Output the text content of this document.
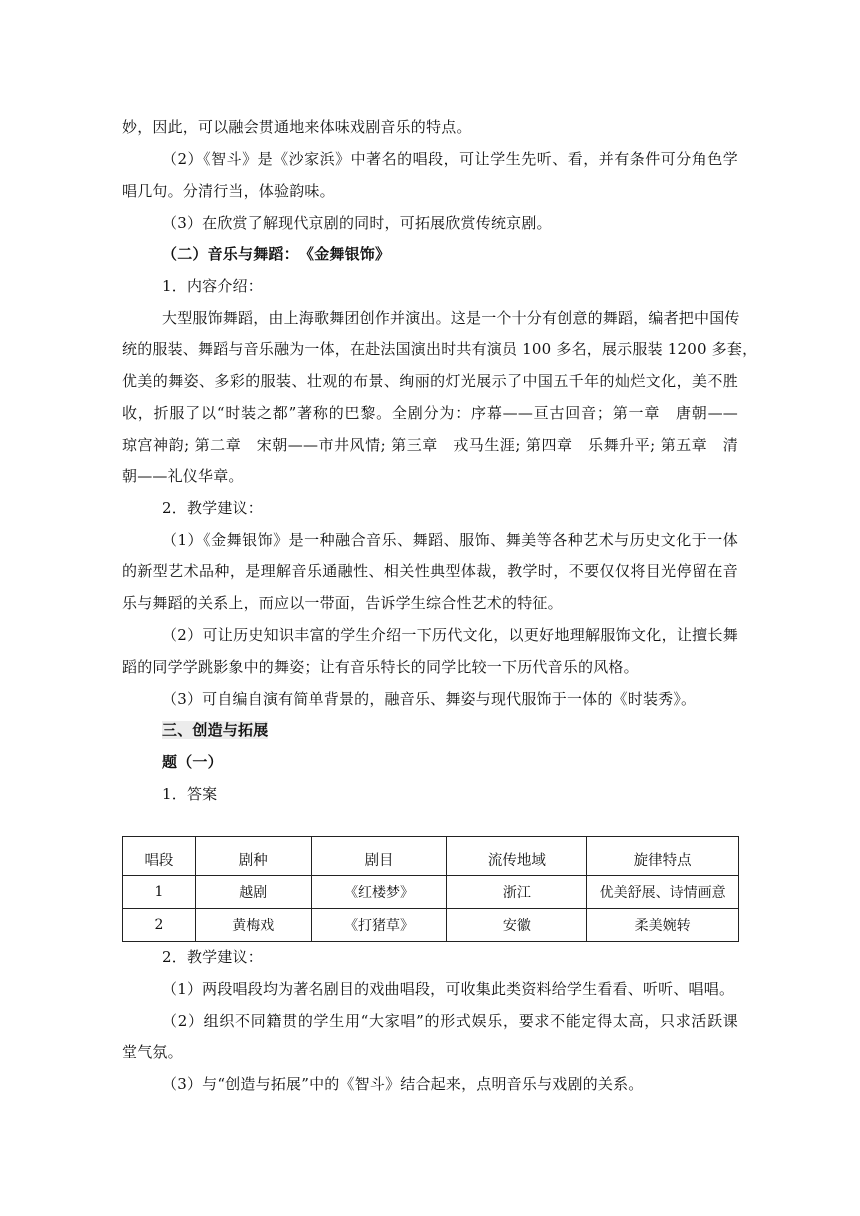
妙，因此，可以融会贯通地来体味戏剧音乐的特点。
（2）《智斗》是《沙家浜》中著名的唱段，可让学生先听、看，并有条件可分角色学
唱几句。分清行当，体验韵味。
（3）在欣赏了解现代京剧的同时，可拓展欣赏传统京剧。
（二）音乐与舞蹈：　《金舞银饰》
1．内容介绍：
大型服饰舞蹈，由上海歌舞团创作并演出。这是一个十分有创意的舞蹈，编者把中国传
统的服装、舞蹈与音乐融为一体，在赴法国演出时共有演员 100 多名，展示服装 1200 多套，
优美的舞姿、多彩的服装、壮观的布景、绚丽的灯光展示了中国五千年的灿烂文化，美不胜
收，折服了以“时装之都”著称的巴黎。全剧分为：序幕——亘古回音；第一章　唐朝——
琼宫神韵; 第二章　宋朝——市井风情; 第三章　戎马生涯; 第四章　乐舞升平; 第五章　清
朝——礼仪华章。
2．教学建议：
（1）《金舞银饰》是一种融合音乐、舞蹈、服饰、舞美等各种艺术与历史文化于一体
的新型艺术品种，是理解音乐通融性、相关性典型体裁，教学时，不要仅仅将目光停留在音
乐与舞蹈的关系上，而应以一带面，告诉学生综合性艺术的特征。
（2）可让历史知识丰富的学生介绍一下历代文化，以更好地理解服饰文化，让擅长舞
蹈的同学学跳影象中的舞姿；让有音乐特长的同学比较一下历代音乐的风格。
（3）可自编自演有简单背景的，融音乐、舞姿与现代服饰于一体的《时装秀》。
三、创造与拓展
题（一）
1．答案
唱段	剧种	剧目	流传地域	旋律特点
1	越剧	《红楼梦》	浙江	优美舒展、诗情画意
2	黄梅戏	《打猪草》	安徽	柔美婉转
2．教学建议：
（1）两段唱段均为著名剧目的戏曲唱段，可收集此类资料给学生看看、听听、唱唱。
（2）组织不同籍贯的学生用“大家唱”的形式娱乐，要求不能定得太高，只求活跃课
堂气氛。
（3）与“创造与拓展”中的《智斗》结合起来，点明音乐与戏剧的关系。
